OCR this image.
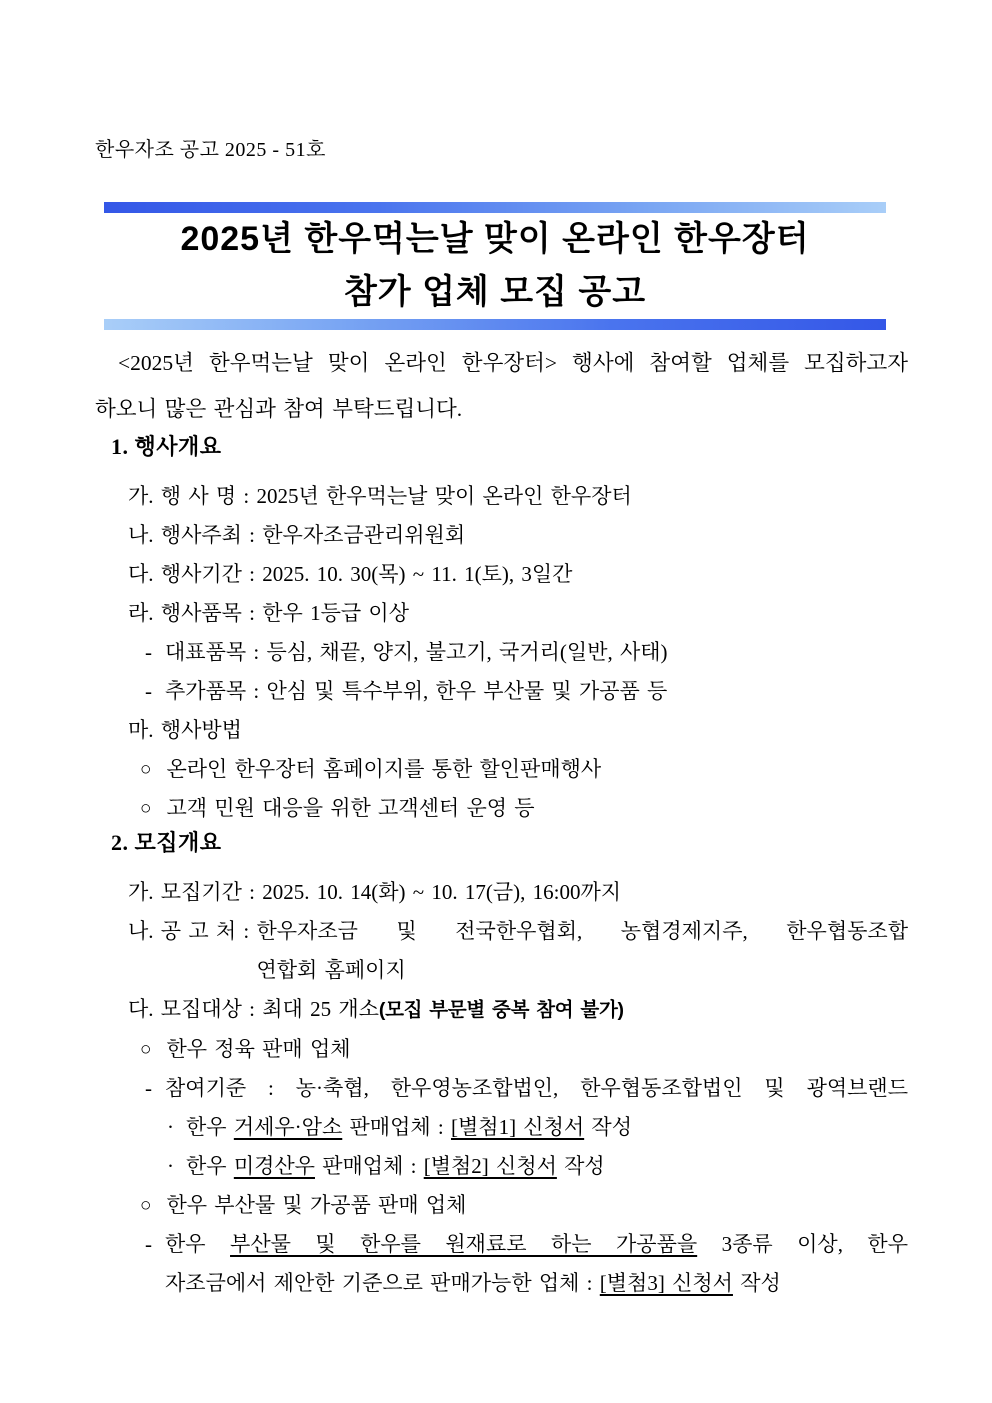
한우자조 공고 2025 - 51호
2025년 한우먹는날 맞이 온라인 한우장터
참가 업체 모집 공고

<2025년 한우먹는날 맞이 온라인 한우장터> 행사에 참여할 업체를 모집하고자
하오니 많은 관심과 참여 부탁드립니다.

1. 행사개요
가. 행 사 명 : 2025년 한우먹는날 맞이 온라인 한우장터
나. 행사주최 : 한우자조금관리위원회
다. 행사기간 : 2025. 10. 30(목) ~ 11. 1(토), 3일간
라. 행사품목 : 한우 1등급 이상
- 대표품목 : 등심, 채끝, 양지, 불고기, 국거리(일반, 사태)
- 추가품목 : 안심 및 특수부위, 한우 부산물 및 가공품 등
마. 행사방법
○ 온라인 한우장터 홈페이지를 통한 할인판매행사
○ 고객 민원 대응을 위한 고객센터 운영 등
2. 모집개요
가. 모집기간 : 2025. 10. 14(화) ~ 10. 17(금), 16:00까지
나. 공 고 처 : 한우자조금 및 전국한우협회, 농협경제지주, 한우협동조합
연합회 홈페이지
다. 모집대상 : 최대 25 개소(모집 부문별 중복 참여 불가)
○ 한우 정육 판매 업체
- 참여기준 : 농·축협, 한우영농조합법인, 한우협동조합법인 및 광역브랜드
· 한우 거세우·암소 판매업체 : [별첨1] 신청서 작성
· 한우 미경산우 판매업체 : [별첨2] 신청서 작성
○ 한우 부산물 및 가공품 판매 업체
- 한우 부산물 및 한우를 원재료로 하는 가공품을 3종류 이상, 한우
자조금에서 제안한 기준으로 판매가능한 업체 : [별첨3] 신청서 작성
